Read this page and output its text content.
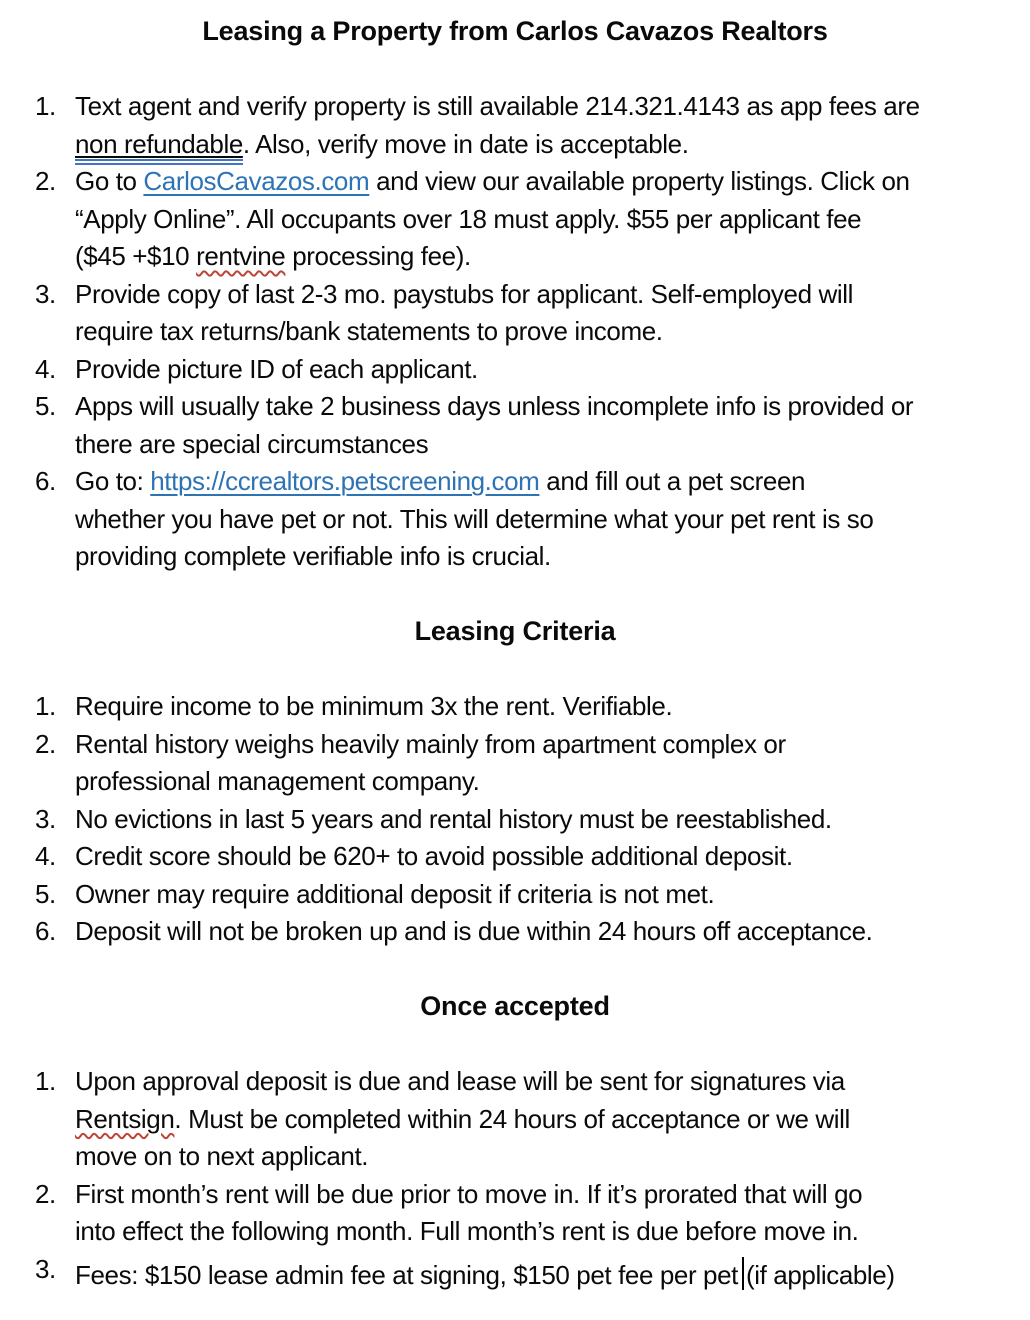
Leasing a Property from Carlos Cavazos Realtors
1. Text agent and verify property is still available 214.321.4143 as app fees are
non refundable. Also, verify move in date is acceptable.
2. Go to CarlosCavazos.com and view our available property listings. Click on
“Apply Online”. All occupants over 18 must apply. $55 per applicant fee
($45 +$10 rentvine processing fee).
3. Provide copy of last 2-3 mo. paystubs for applicant. Self-employed will
require tax returns/bank statements to prove income.
4. Provide picture ID of each applicant.
5. Apps will usually take 2 business days unless incomplete info is provided or
there are special circumstances
6. Go to: https://ccrealtors.petscreening.com and fill out a pet screen
whether you have pet or not. This will determine what your pet rent is so
providing complete verifiable info is crucial.
Leasing Criteria
1. Require income to be minimum 3x the rent. Verifiable.
2. Rental history weighs heavily mainly from apartment complex or
professional management company.
3. No evictions in last 5 years and rental history must be reestablished.
4. Credit score should be 620+ to avoid possible additional deposit.
5. Owner may require additional deposit if criteria is not met.
6. Deposit will not be broken up and is due within 24 hours off acceptance.
Once accepted
1. Upon approval deposit is due and lease will be sent for signatures via
Rentsign. Must be completed within 24 hours of acceptance or we will
move on to next applicant.
2. First month’s rent will be due prior to move in. If it’s prorated that will go
into effect the following month. Full month’s rent is due before move in.
3. Fees: $150 lease admin fee at signing, $150 pet fee per pet (if applicable)
